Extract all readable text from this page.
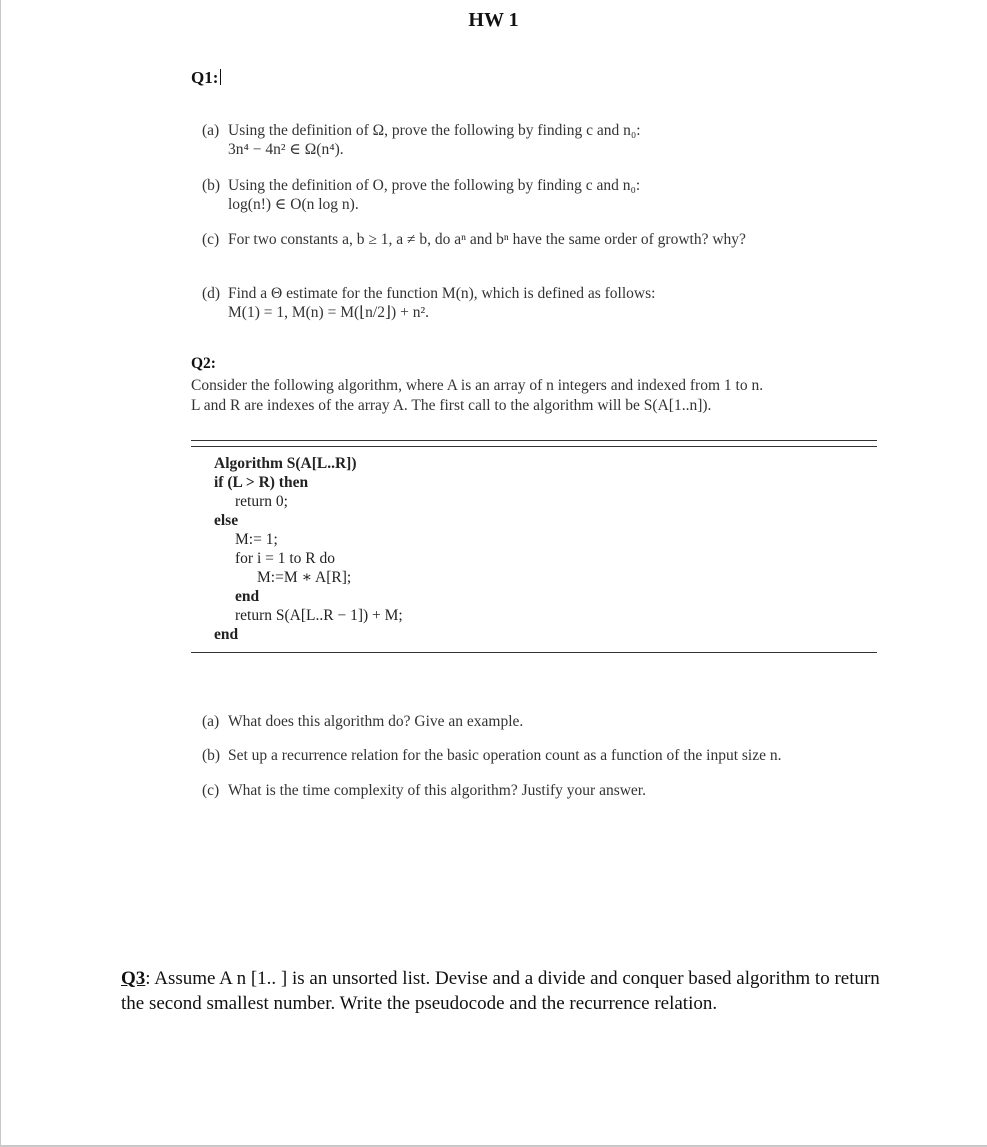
HW 1
Q1:
(a) Using the definition of Ω, prove the following by finding c and n₀:
3n⁴ − 4n² ∈ Ω(n⁴).
(b) Using the definition of O, prove the following by finding c and n₀:
log(n!) ∈ O(n log n).
(c) For two constants a, b ≥ 1, a ≠ b, do aⁿ and bⁿ have the same order of growth? why?
(d) Find a Θ estimate for the function M(n), which is defined as follows:
M(1) = 1, M(n) = M(⌊n/2⌋) + n².
Q2:
Consider the following algorithm, where A is an array of n integers and indexed from 1 to n.
L and R are indexes of the array A. The first call to the algorithm will be S(A[1..n]).
Algorithm S(A[L..R])
if (L > R) then
return 0;
else
M:= 1;
for i = 1 to R do
M:=M ∗ A[R];
end
return S(A[L..R − 1]) + M;
end
(a) What does this algorithm do? Give an example.
(b) Set up a recurrence relation for the basic operation count as a function of the input size n.
(c) What is the time complexity of this algorithm? Justify your answer.
Q3: Assume A n [1.. ] is an unsorted list. Devise and a divide and conquer based algorithm to return the second smallest number. Write the pseudocode and the recurrence relation.
